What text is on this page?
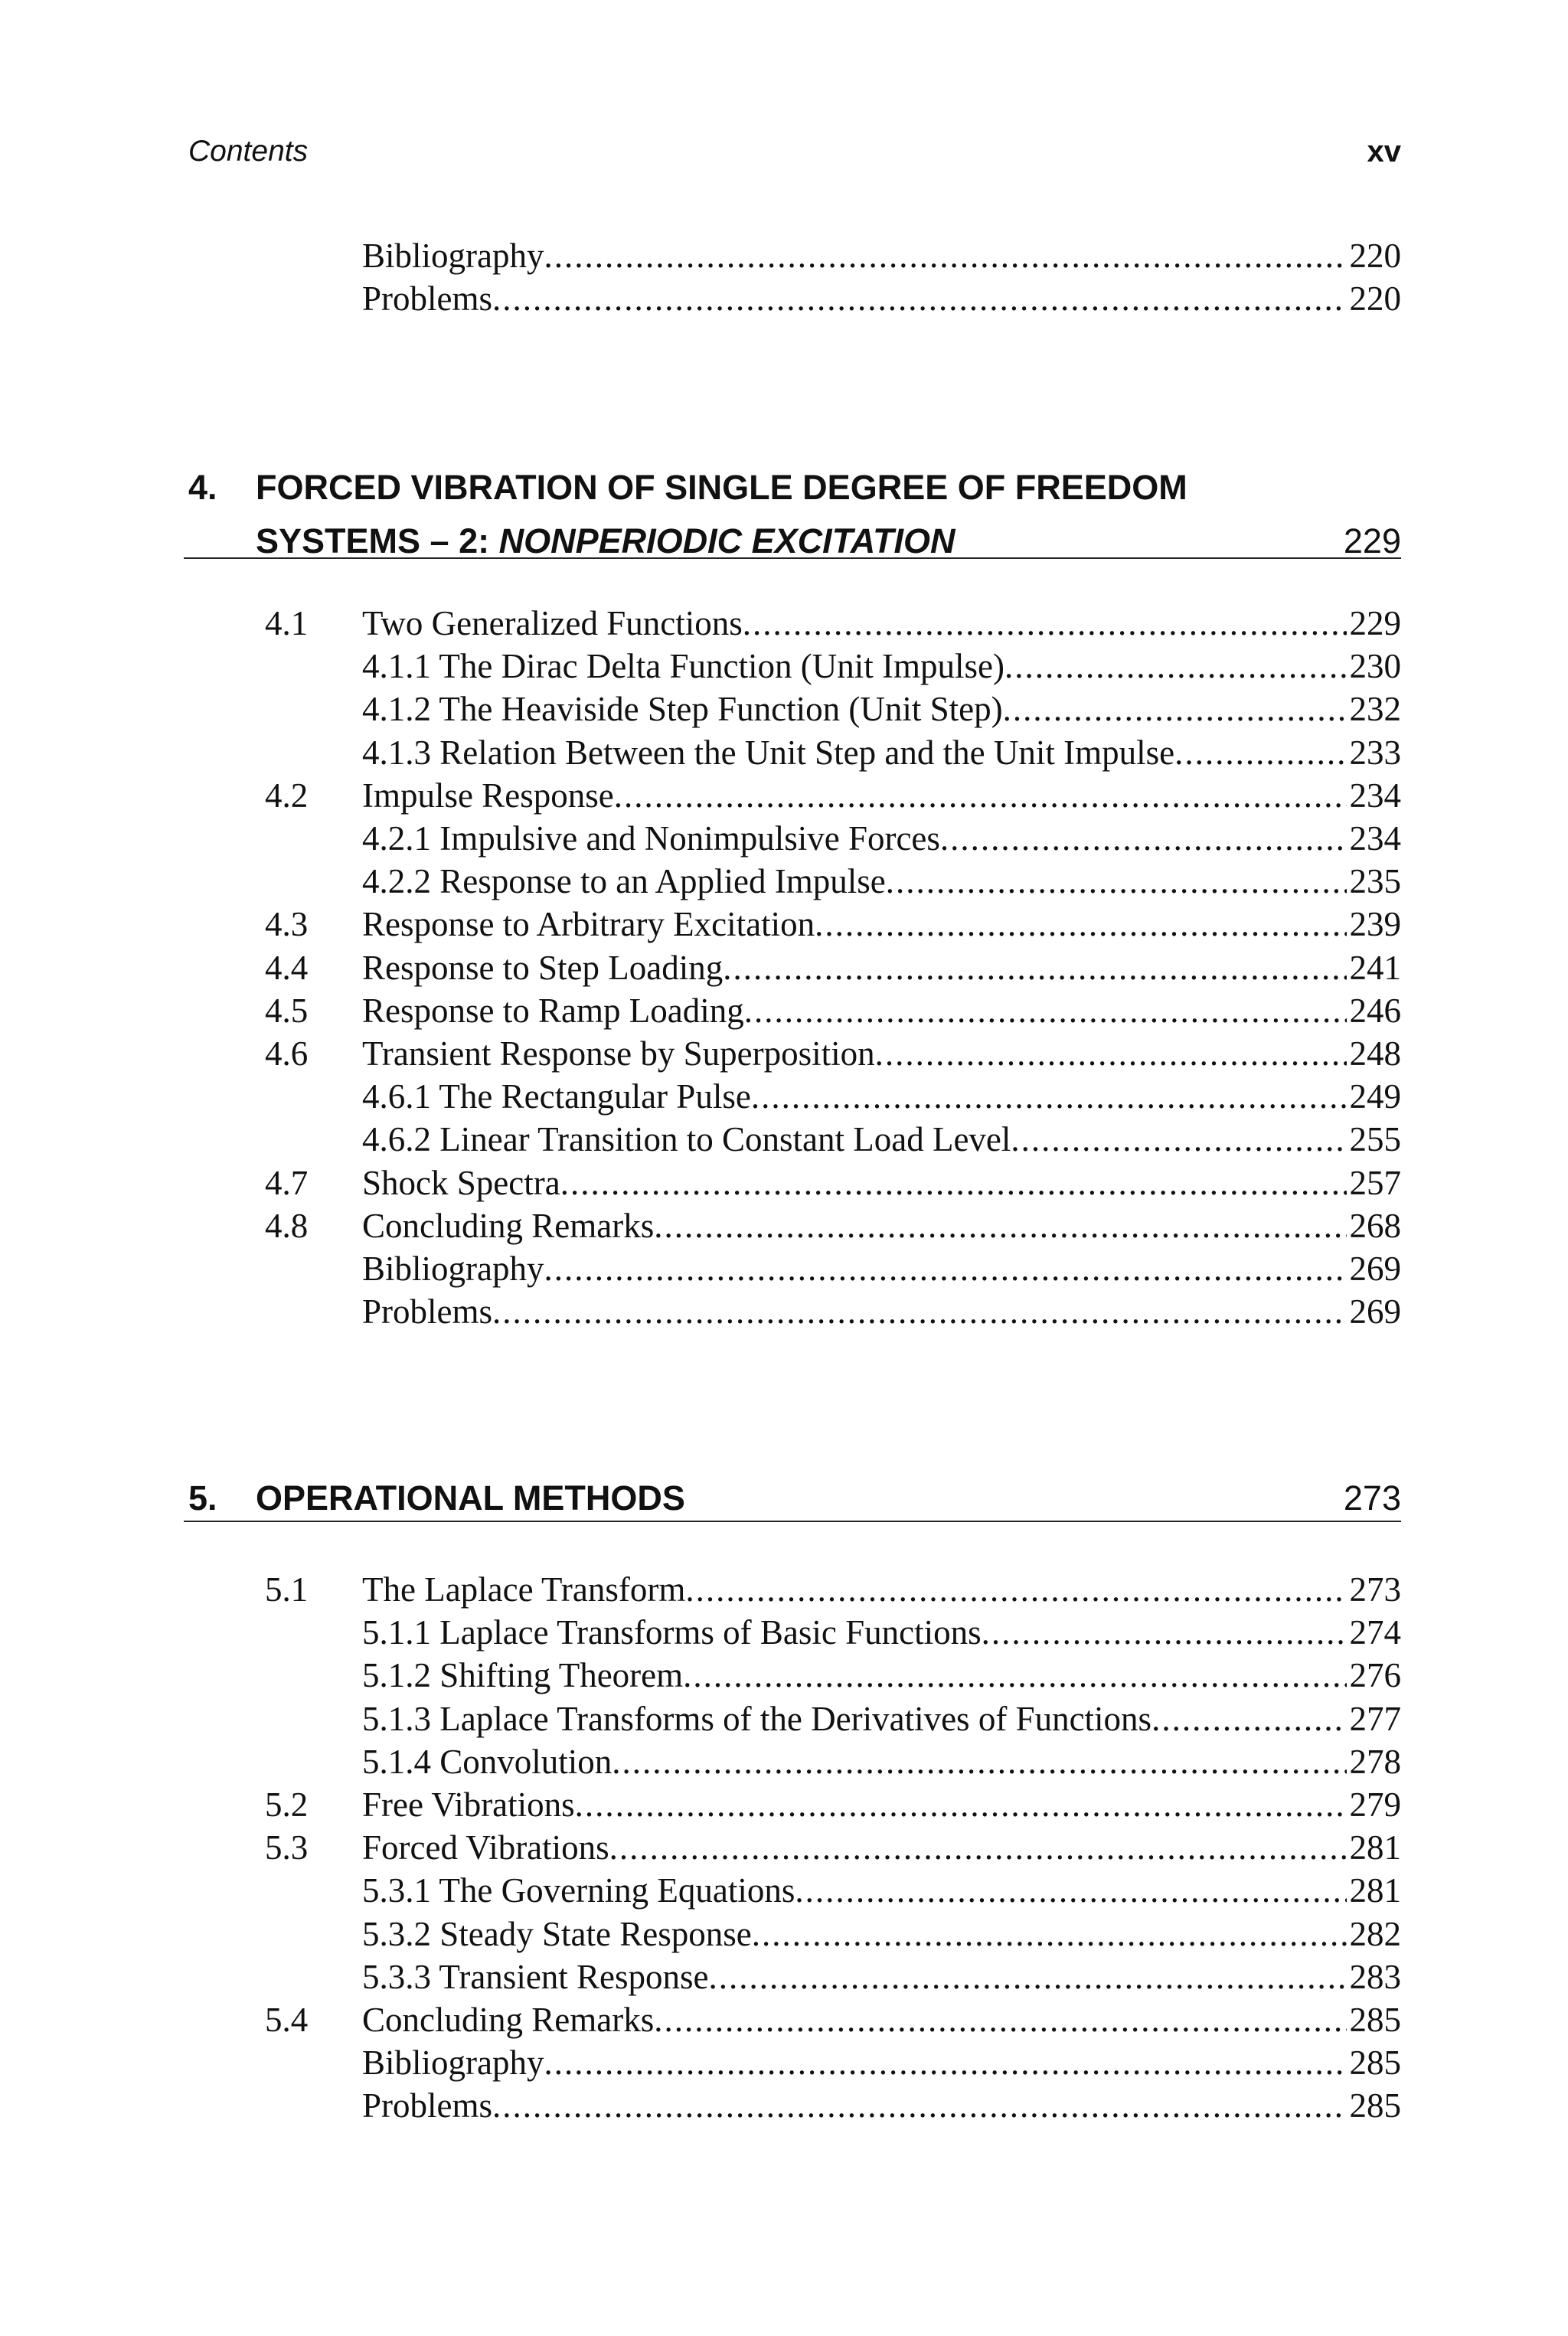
Contents	xv
Bibliography .....	220
Problems .....	220
4. FORCED VIBRATION OF SINGLE DEGREE OF FREEDOM
SYSTEMS – 2: NONPERIODIC EXCITATION	229
4.1 Two Generalized Functions .....	229
4.1.1 The Dirac Delta Function (Unit Impulse) .....	230
4.1.2 The Heaviside Step Function (Unit Step) .....	232
4.1.3 Relation Between the Unit Step and the Unit Impulse .....	233
4.2 Impulse Response .....	234
4.2.1 Impulsive and Nonimpulsive Forces .....	234
4.2.2 Response to an Applied Impulse .....	235
4.3 Response to Arbitrary Excitation .....	239
4.4 Response to Step Loading .....	241
4.5 Response to Ramp Loading .....	246
4.6 Transient Response by Superposition .....	248
4.6.1 The Rectangular Pulse .....	249
4.6.2 Linear Transition to Constant Load Level .....	255
4.7 Shock Spectra .....	257
4.8 Concluding Remarks .....	268
Bibliography .....	269
Problems .....	269
5. OPERATIONAL METHODS	273
5.1 The Laplace Transform .....	273
5.1.1 Laplace Transforms of Basic Functions .....	274
5.1.2 Shifting Theorem .....	276
5.1.3 Laplace Transforms of the Derivatives of Functions .....	277
5.1.4 Convolution .....	278
5.2 Free Vibrations .....	279
5.3 Forced Vibrations .....	281
5.3.1 The Governing Equations .....	281
5.3.2 Steady State Response .....	282
5.3.3 Transient Response .....	283
5.4 Concluding Remarks .....	285
Bibliography .....	285
Problems .....	285
